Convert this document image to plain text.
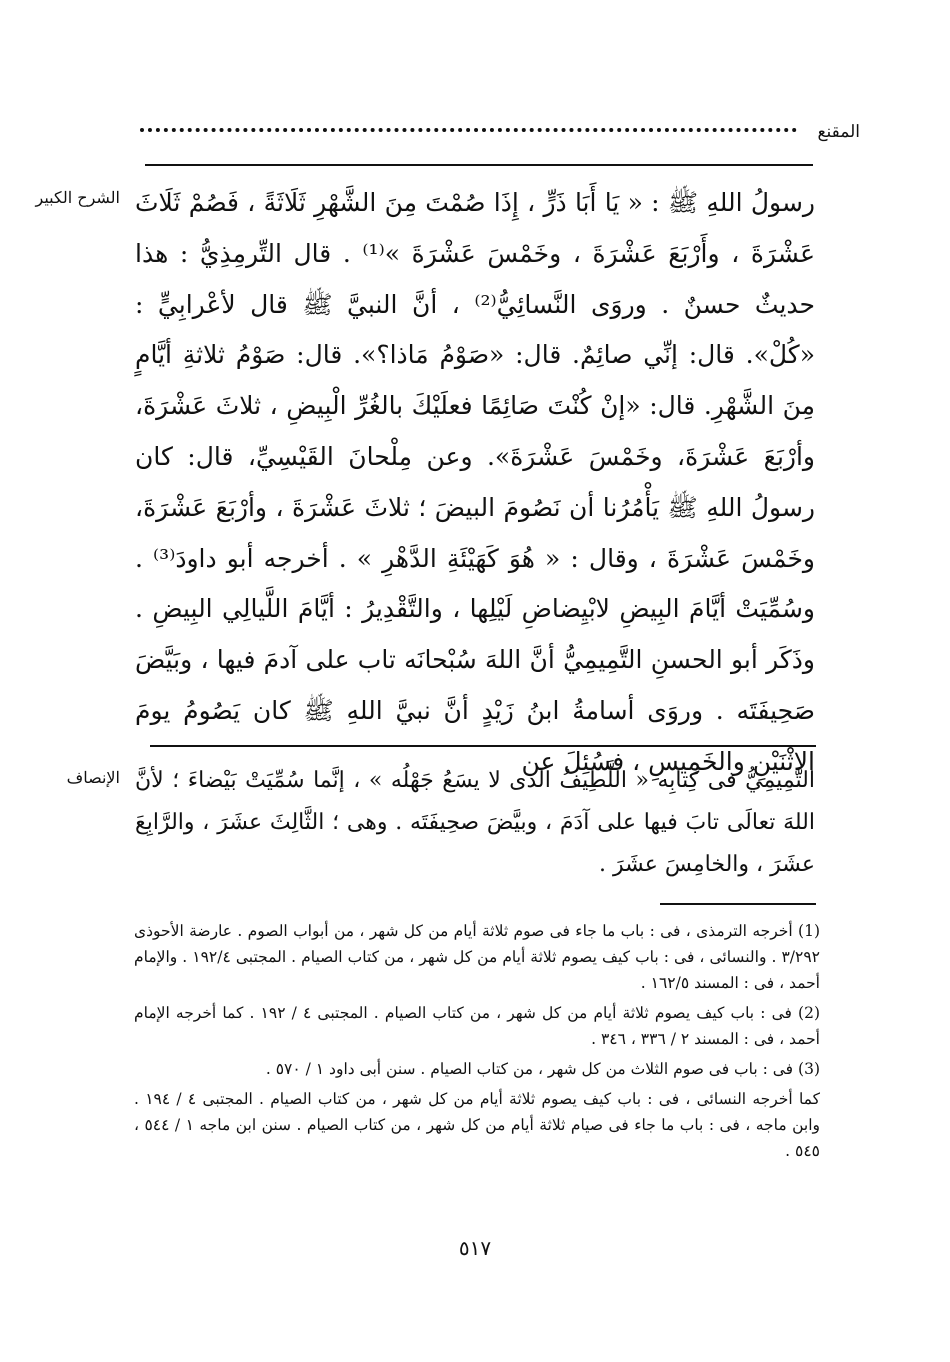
المقنع
الشرح الكبير رسولُ اللهِ ﷺ : « يَا أَبَا ذَرٍّ ، إِذَا صُمْتَ مِنَ الشَّهْرِ ثَلَاثَةً ، فَصُمْ ثَلَاثَ عَشْرَةَ ، وأَرْبَعَ عَشْرَةَ ، وخَمْسَ عَشْرَةَ »⁽¹⁾ . قال التِّرمِذِيُّ : هذا حديثٌ حسنٌ . وروَى النَّسائِيُّ⁽²⁾ ، أنَّ النبيَّ ﷺ قال لأعْرابِيٍّ : «كُلْ». قال: إنِّي صائِمٌ. قال: «صَوْمُ مَاذا؟». قال: صَوْمُ ثلاثةِ أيَّامٍ مِنَ الشَّهْرِ. قال: «إنْ كُنْتَ صَائِمًا فعلَيْكَ بالغُرِّ الْبِيضِ ، ثلاثَ عَشْرَةَ، وأرْبَعَ عَشْرَةَ، وخَمْسَ عَشْرَةَ». وعن مِلْحانَ القَيْسِيِّ، قال: كان رسولُ اللهِ ﷺ يَأْمُرُنا أن نَصُومَ البيضَ ؛ ثلاثَ عَشْرَةَ ، وأرْبَعَ عَشْرَةَ، وخَمْسَ عَشْرَةَ ، وقال : « هُوَ كَهَيْئَةِ الدَّهْرِ » . أخرجه أبو داودَ⁽³⁾ . وسُمِّيَتْ أيَّامَ البِيضِ لابْيِضاضِ لَيْلِها ، والتَّقْدِيرُ : أيَّامَ اللَّيالِي البِيضِ . وذَكَر أبو الحسنِ التَّمِيمِيُّ أنَّ اللهَ سُبْحانَه تاب على آدمَ فيها ، وبَيَّضَ صَحِيفَتَه . وروَى أسامةُ ابنُ زَيْدٍ أنَّ نبيَّ اللهِ ﷺ كان يَصُومُ يومَ الاثْنَيْنِ والخَمِيسِ ، فسُئِلَ عن
الإنصاف التَّمِيمِيُّ فى كِتابِه « اللَّطِيفُ الذى لا يسَعُ جَهْلُه » ، إنَّما سُمِّيَتْ بَيْضاءَ ؛ لأنَّ اللهَ تعالَى تابَ فيها على آدَمَ ، وبيَّضَ صحِيفَتَه . وهى ؛ الثَّالِثَ عشَرَ ، والرَّابِعَ عشَرَ ، والخامِسَ عشَرَ .

(1) أخرجه الترمذى ، فى : باب ما جاء فى صوم ثلاثة أيام من كل شهر ، من أبواب الصوم . عارضة الأحوذى ٣/٢٩٢ . والنسائى ، فى : باب كيف يصوم ثلاثة أيام من كل شهر ، من كتاب الصيام . المجتبى ١٩٢/٤ . والإمام أحمد ، فى : المسند ١٦٢/٥ .

(2) فى : باب كيف يصوم ثلاثة أيام من كل شهر ، من كتاب الصيام . المجتبى ٤ / ١٩٢ . كما أخرجه الإمام أحمد ، فى : المسند ٢ / ٣٣٦ ، ٣٤٦ .

(3) فى : باب فى صوم الثلاث من كل شهر ، من كتاب الصيام . سنن أبى داود ١ / ٥٧٠ .

كما أخرجه النسائى ، فى : باب كيف يصوم ثلاثة أيام من كل شهر ، من كتاب الصيام . المجتبى ٤ / ١٩٤ . وابن ماجه ، فى : باب ما جاء فى صيام ثلاثة أيام من كل شهر ، من كتاب الصيام . سنن ابن ماجه ١ / ٥٤٤ ، ٥٤٥ .

٥١٧
